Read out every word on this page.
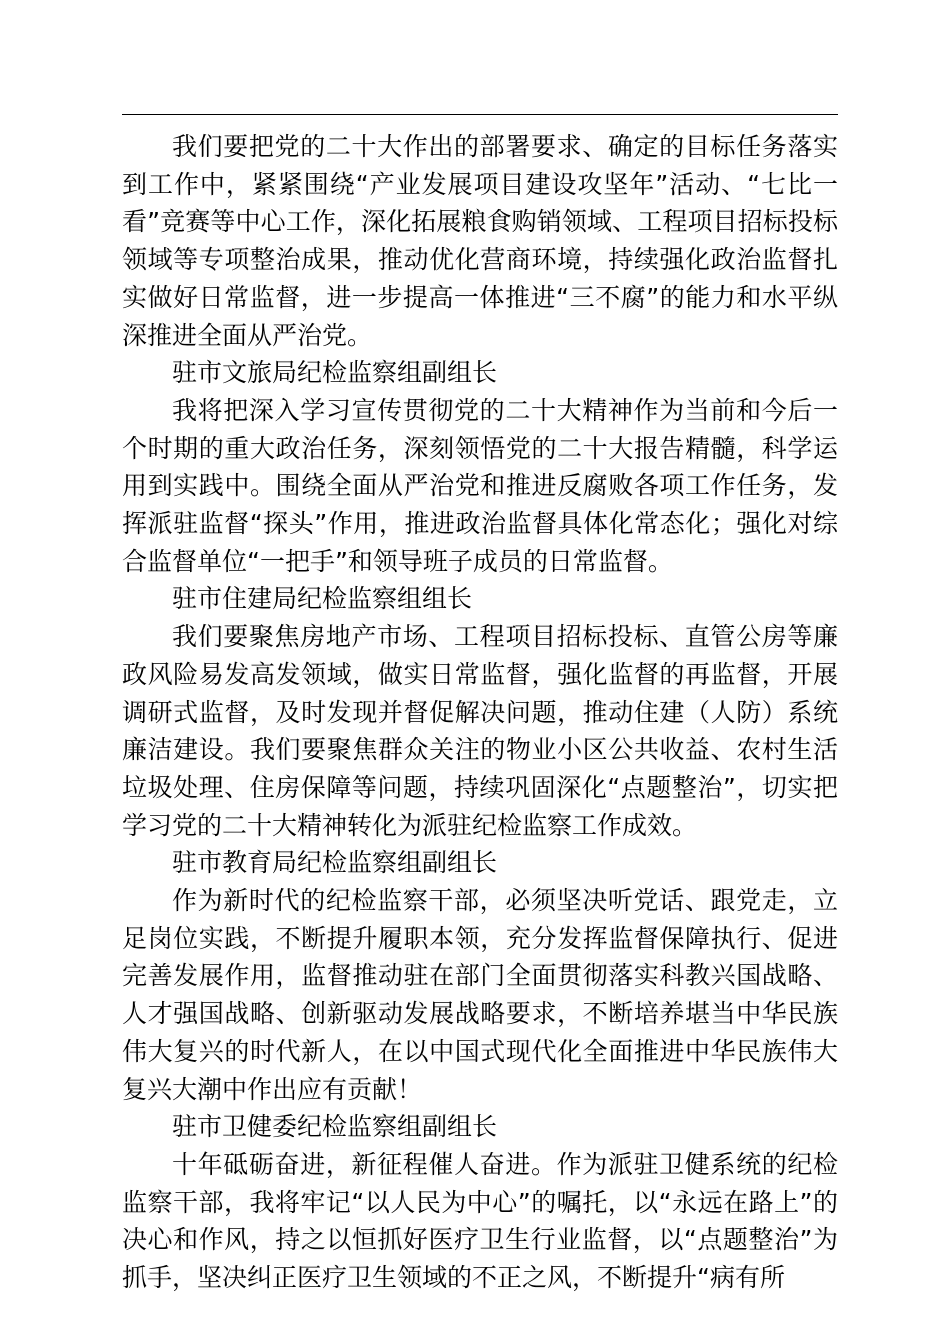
我们要把党的二十大作出的部署要求、确定的目标任务落实到工作中，紧紧围绕“产业发展项目建设攻坚年”活动、“七比一看”竞赛等中心工作，深化拓展粮食购销领域、工程项目招标投标领域等专项整治成果，推动优化营商环境，持续强化政治监督扎实做好日常监督，进一步提高一体推进“三不腐”的能力和水平纵深推进全面从严治党。

驻市文旅局纪检监察组副组长

我将把深入学习宣传贯彻党的二十大精神作为当前和今后一个时期的重大政治任务，深刻领悟党的二十大报告精髓，科学运用到实践中。围绕全面从严治党和推进反腐败各项工作任务，发挥派驻监督“探头”作用，推进政治监督具体化常态化；强化对综合监督单位“一把手”和领导班子成员的日常监督。

驻市住建局纪检监察组组长

我们要聚焦房地产市场、工程项目招标投标、直管公房等廉政风险易发高发领域，做实日常监督，强化监督的再监督，开展调研式监督，及时发现并督促解决问题，推动住建（人防）系统廉洁建设。我们要聚焦群众关注的物业小区公共收益、农村生活垃圾处理、住房保障等问题，持续巩固深化“点题整治”，切实把学习党的二十大精神转化为派驻纪检监察工作成效。

驻市教育局纪检监察组副组长

作为新时代的纪检监察干部，必须坚决听党话、跟党走，立足岗位实践，不断提升履职本领，充分发挥监督保障执行、促进完善发展作用，监督推动驻在部门全面贯彻落实科教兴国战略、人才强国战略、创新驱动发展战略要求，不断培养堪当中华民族伟大复兴的时代新人，在以中国式现代化全面推进中华民族伟大复兴大潮中作出应有贡献！

驻市卫健委纪检监察组副组长

十年砥砺奋进，新征程催人奋进。作为派驻卫健系统的纪检监察干部，我将牢记“以人民为中心”的嘱托，以“永远在路上”的决心和作风，持之以恒抓好医疗卫生行业监督，以“点题整治”为抓手，坚决纠正医疗卫生领域的不正之风，不断提升“病有所
